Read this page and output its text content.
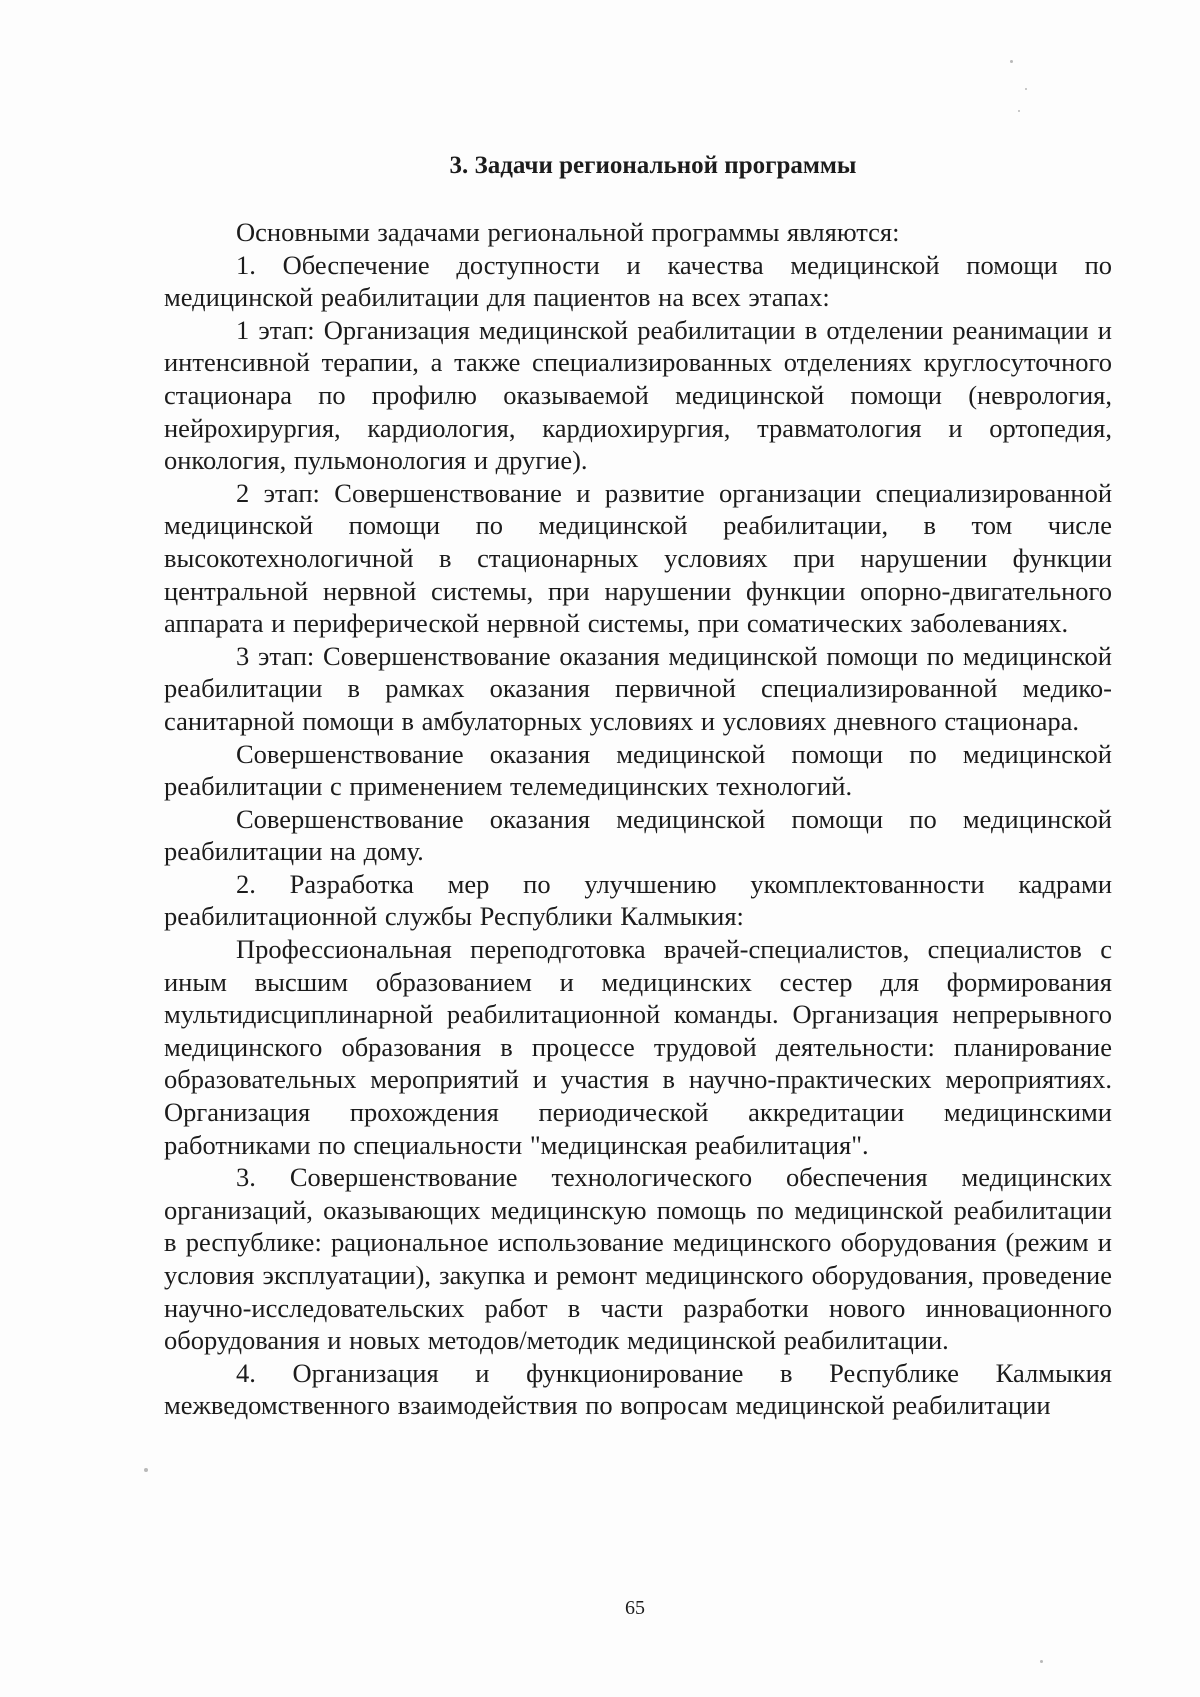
3. Задачи региональной программы

Основными задачами региональной программы являются:

1. Обеспечение доступности и качества медицинской помощи по медицинской реабилитации для пациентов на всех этапах:

1 этап: Организация медицинской реабилитации в отделении реанимации и интенсивной терапии, а также специализированных отделениях круглосуточного стационара по профилю оказываемой медицинской помощи (неврология, нейрохирургия, кардиология, кардиохирургия, травматология и ортопедия, онкология, пульмонология и другие).

2 этап: Совершенствование и развитие организации специализированной медицинской помощи по медицинской реабилитации, в том числе высокотехнологичной в стационарных условиях при нарушении функции центральной нервной системы, при нарушении функции опорно-двигательного аппарата и периферической нервной системы, при соматических заболеваниях.

3 этап: Совершенствование оказания медицинской помощи по медицинской реабилитации в рамках оказания первичной специализированной медико-санитарной помощи в амбулаторных условиях и условиях дневного стационара.

Совершенствование оказания медицинской помощи по медицинской реабилитации с применением телемедицинских технологий.

Совершенствование оказания медицинской помощи по медицинской реабилитации на дому.

2. Разработка мер по улучшению укомплектованности кадрами реабилитационной службы Республики Калмыкия:

Профессиональная переподготовка врачей-специалистов, специалистов с иным высшим образованием и медицинских сестер для формирования мультидисциплинарной реабилитационной команды. Организация непрерывного медицинского образования в процессе трудовой деятельности: планирование образовательных мероприятий и участия в научно-практических мероприятиях. Организация прохождения периодической аккредитации медицинскими работниками по специальности "медицинская реабилитация".

3. Совершенствование технологического обеспечения медицинских организаций, оказывающих медицинскую помощь по медицинской реабилитации в республике: рациональное использование медицинского оборудования (режим и условия эксплуатации), закупка и ремонт медицинского оборудования, проведение научно-исследовательских работ в части разработки нового инновационного оборудования и новых методов/методик медицинской реабилитации.

4. Организация и функционирование в Республике Калмыкия межведомственного взаимодействия по вопросам медицинской реабилитации

65
